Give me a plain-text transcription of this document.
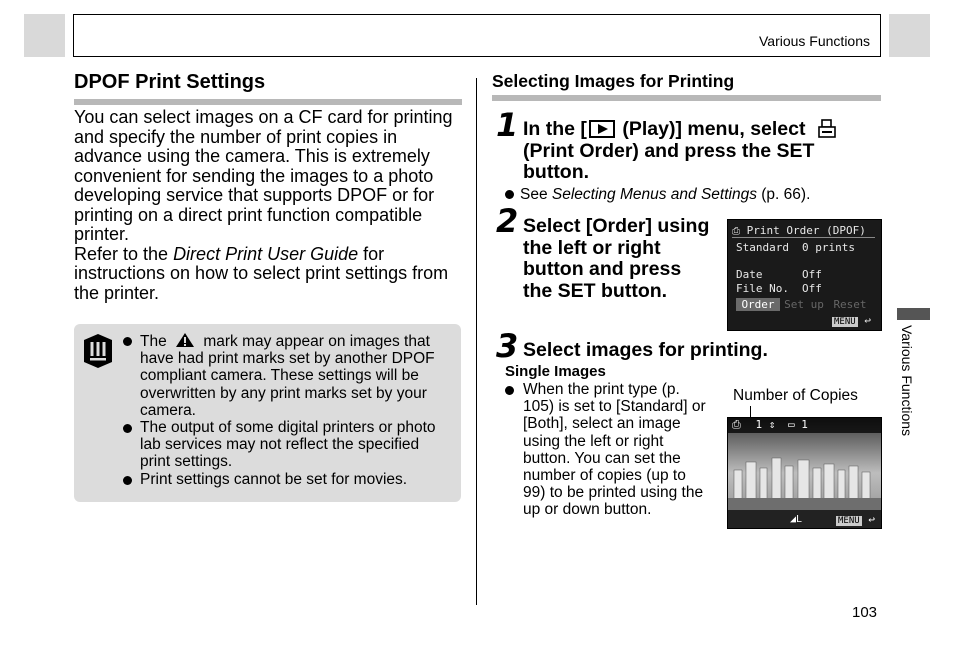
Various Functions
DPOF Print Settings
You can select images on a CF card for printing and specify the number of print copies in advance using the camera. This is extremely convenient for sending the images to a photo developing service that supports DPOF or for printing on a direct print function compatible printer.
Refer to the Direct Print User Guide for instructions on how to select print settings from the printer.
The  mark may appear on images that have had print marks set by another DPOF compliant camera. These settings will be overwritten by any print marks set by your camera.
The output of some digital printers or photo lab services may not reflect the specified print settings.
Print settings cannot be set for movies.
Selecting Images for Printing
1 In the [ (Play)] menu, select
(Print Order) and press the SET button.
See Selecting Menus and Settings (p. 66).
2 Select [Order] using the left or right button and press the SET button.
⎙ Print Order (DPOF)
Standard 0 prints
Date	Off
File No. Off
Order Set up Reset
MENU ↩
3 Select images for printing.
Single Images
When the print type (p. 105) is set to [Standard] or [Both], select an image using the left or right button. You can set the number of copies (up to 99) to be printed using the up or down button.
Number of Copies
⎙ 1 ⇕ ▭ 1
◢L	MENU ↩
Various Functions
103
